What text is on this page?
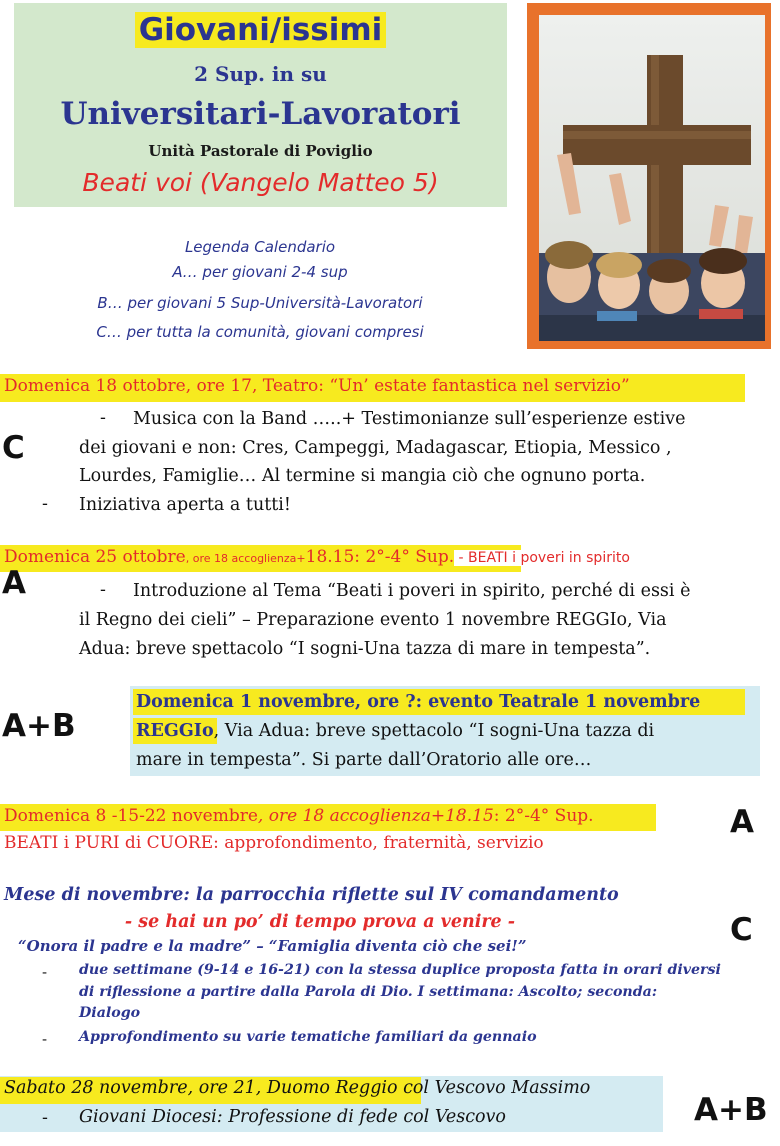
Giovani/issimi
2 Sup. in su
Universitari-Lavoratori
Unità Pastorale di Poviglio
Beati voi (Vangelo Matteo 5)
Legenda Calendario
A… per giovani 2-4 sup
B… per giovani 5 Sup-Università-Lavoratori
C… per tutta la comunità, giovani compresi
Domenica 18 ottobre, ore 17, Teatro: “Un’ estate fantastica nel servizio”
C
- Musica con la Band …..+ Testimonianze sull’esperienze estive
dei giovani e non: Cres, Campeggi, Madagascar, Etiopia, Messico ,
Lourdes, Famiglie… Al termine si mangia ciò che ognuno porta.
- Iniziativa aperta a tutti!
Domenica 25 ottobre, ore 18 accoglienza+18.15: 2°-4° Sup. - BEATI i poveri in spirito
A	- Introduzione al Tema “Beati i poveri in spirito, perché di essi è
il Regno dei cieli” – Preparazione evento 1 novembre REGGIo, Via
Adua: breve spettacolo “I sogni-Una tazza di mare in tempesta”.
A+B
Domenica 1 novembre, ore ?: evento Teatrale 1 novembre
REGGIo, Via Adua: breve spettacolo “I sogni-Una tazza di
mare in tempesta”. Si parte dall’Oratorio alle ore…
Domenica 8 -15-22 novembre, ore 18 accoglienza+18.15: 2°-4° Sup.
BEATI i PURI di CUORE: approfondimento, fraternità, servizio
A
Mese di novembre: la parrocchia riflette sul IV comandamento
- se hai un po’ di tempo prova a venire -
“Onora il padre e la madre” – “Famiglia diventa ciò che sei!”
- due settimane (9-14 e 16-21) con la stessa duplice proposta fatta in orari diversi
di riflessione a partire dalla Parola di Dio. I settimana: Ascolto; seconda:
Dialogo
- Approfondimento su varie tematiche familiari da gennaio
C
Sabato 28 novembre, ore 21, Duomo Reggio col Vescovo Massimo
- Giovani Diocesi: Professione di fede col Vescovo	A+B
